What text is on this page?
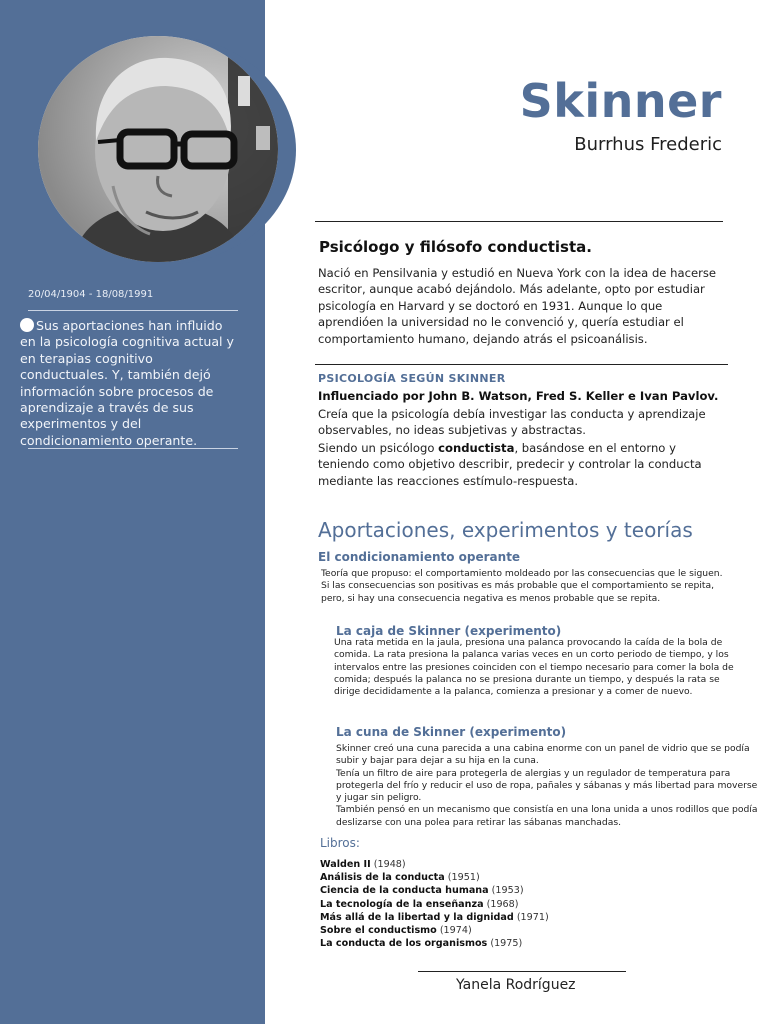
20/04/1904 - 18/08/1991
Sus aportaciones han influido en la psicología cognitiva actual y en terapias cognitivo conductuales. Y, también dejó información sobre procesos de aprendizaje a través de sus experimentos y del condicionamiento operante.
Skinner
Burrhus Frederic
Psicólogo y filósofo conductista.
Nació en Pensilvania y estudió en Nueva York con la idea de hacerse escritor, aunque acabó dejándolo. Más adelante, opto por estudiar psicología en Harvard y se doctoró en 1931. Aunque lo que aprendióen la universidad no le convenció y, quería estudiar el comportamiento humano, dejando atrás el psicoanálisis.
PSICOLOGÍA SEGÚN SKINNER
Influenciado por John B. Watson, Fred S. Keller e Ivan Pavlov.
Creía que la psicología debía investigar las conducta y aprendizaje observables, no ideas subjetivas y abstractas.
Siendo un psicólogo conductista, basándose en el entorno y teniendo como objetivo describir, predecir y controlar la conducta mediante las reacciones estímulo-respuesta.
Aportaciones, experimentos y teorías
El condicionamiento operante
Teoría que propuso: el comportamiento moldeado por las consecuencias que le siguen. Si las consecuencias son positivas es más probable que el comportamiento se repita, pero, si hay una consecuencia negativa es menos probable que se repita.
La caja de Skinner (experimento)
Una rata metida en la jaula, presiona una palanca provocando la caída de la bola de comida. La rata presiona la palanca varias veces en un corto periodo de tiempo, y los intervalos entre las presiones coinciden con el tiempo necesario para comer la bola de comida; después la palanca no se presiona durante un tiempo, y después la rata se dirige decididamente a la palanca, comienza a presionar y a comer de nuevo.
La cuna de Skinner (experimento)
Skinner creó una cuna parecida a una cabina enorme con un panel de vidrio que se podía subir y bajar para dejar a su hija en la cuna.
Tenía un filtro de aire para protegerla de alergias y un regulador de temperatura para protegerla del frío y reducir el uso de ropa, pañales y sábanas y más libertad para moverse y jugar sin peligro.
También pensó en un mecanismo que consistía en una lona unida a unos rodillos que podía deslizarse con una polea para retirar las sábanas manchadas.
Libros:
Walden II (1948)
Análisis de la conducta (1951)
Ciencia de la conducta humana (1953)
La tecnología de la enseñanza (1968)
Más allá de la libertad y la dignidad (1971)
Sobre el conductismo (1974)
La conducta de los organismos (1975)
Yanela Rodríguez
